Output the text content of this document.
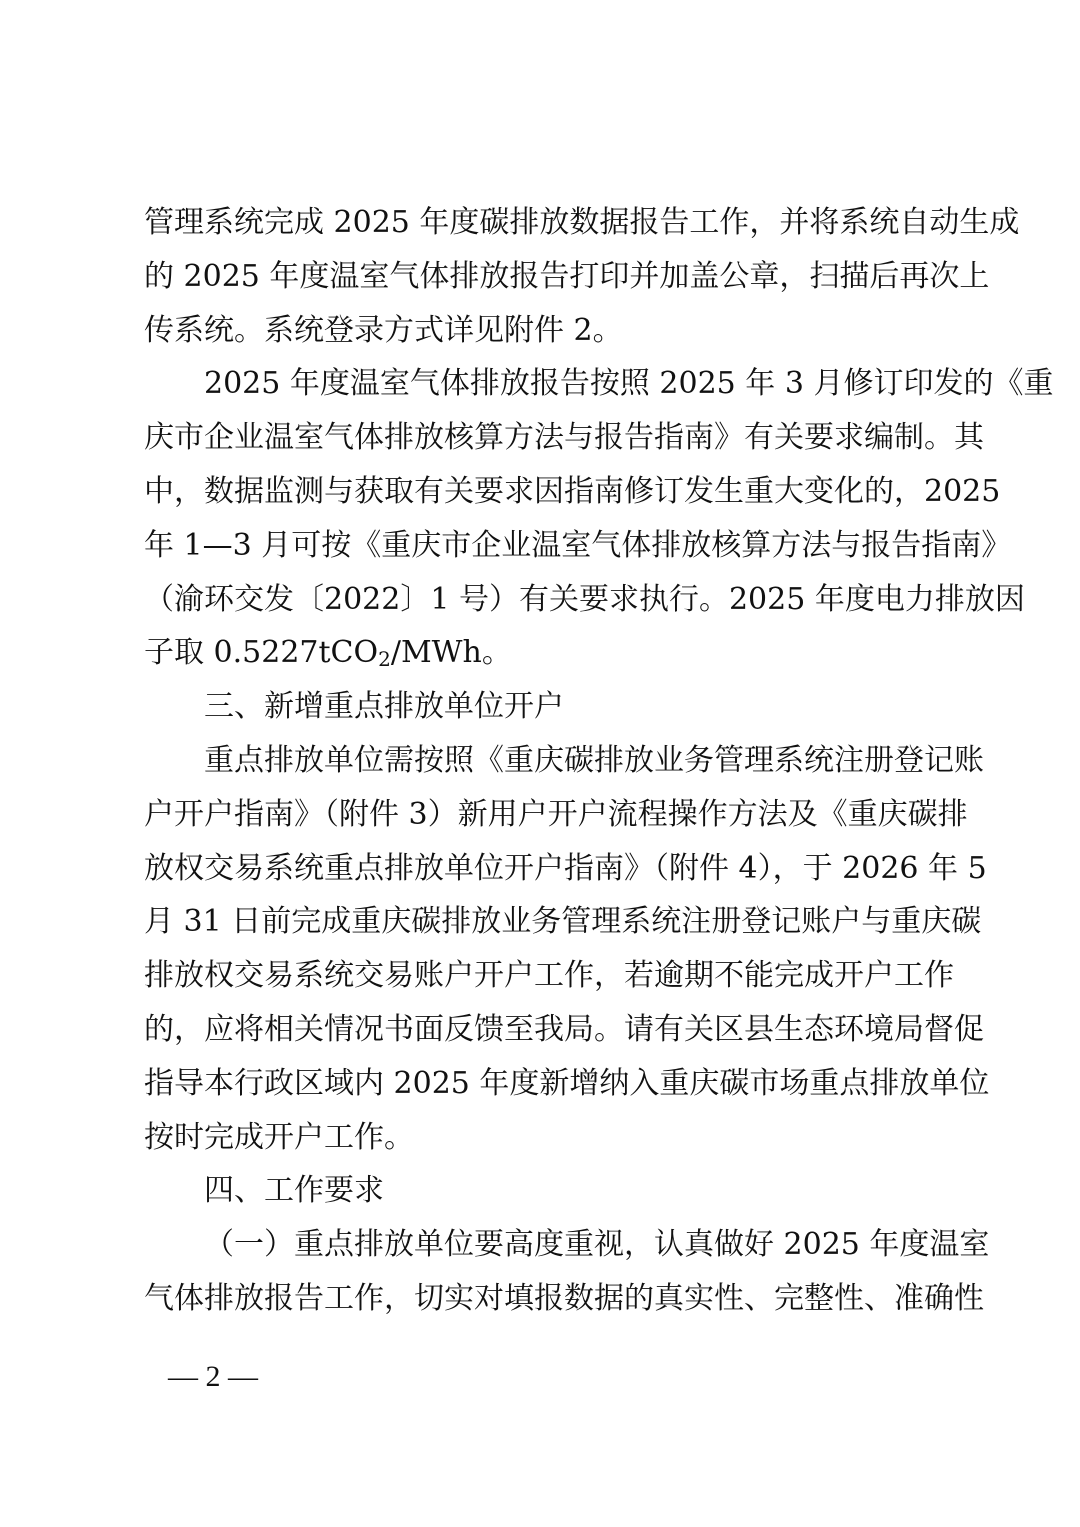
管理系统完成 2025 年度碳排放数据报告工作，并将系统自动生成
的 2025 年度温室气体排放报告打印并加盖公章，扫描后再次上
传系统。系统登录方式详见附件 2。
2025 年度温室气体排放报告按照 2025 年 3 月修订印发的《重
庆市企业温室气体排放核算方法与报告指南》有关要求编制。其
中，数据监测与获取有关要求因指南修订发生重大变化的，2025
年 1—3 月可按《重庆市企业温室气体排放核算方法与报告指南》
（渝环交发〔2022〕1 号）有关要求执行。2025 年度电力排放因
子取 0.5227tCO$_2$/MWh。
三、新增重点排放单位开户
重点排放单位需按照《重庆碳排放业务管理系统注册登记账
户开户指南》（附件 3）新用户开户流程操作方法及《重庆碳排
放权交易系统重点排放单位开户指南》（附件 4），于 2026 年 5
月 31 日前完成重庆碳排放业务管理系统注册登记账户与重庆碳
排放权交易系统交易账户开户工作，若逾期不能完成开户工作
的，应将相关情况书面反馈至我局。请有关区县生态环境局督促
指导本行政区域内 2025 年度新增纳入重庆碳市场重点排放单位
按时完成开户工作。
四、工作要求
（一）重点排放单位要高度重视，认真做好 2025 年度温室
气体排放报告工作，切实对填报数据的真实性、完整性、准确性
— 2 —
